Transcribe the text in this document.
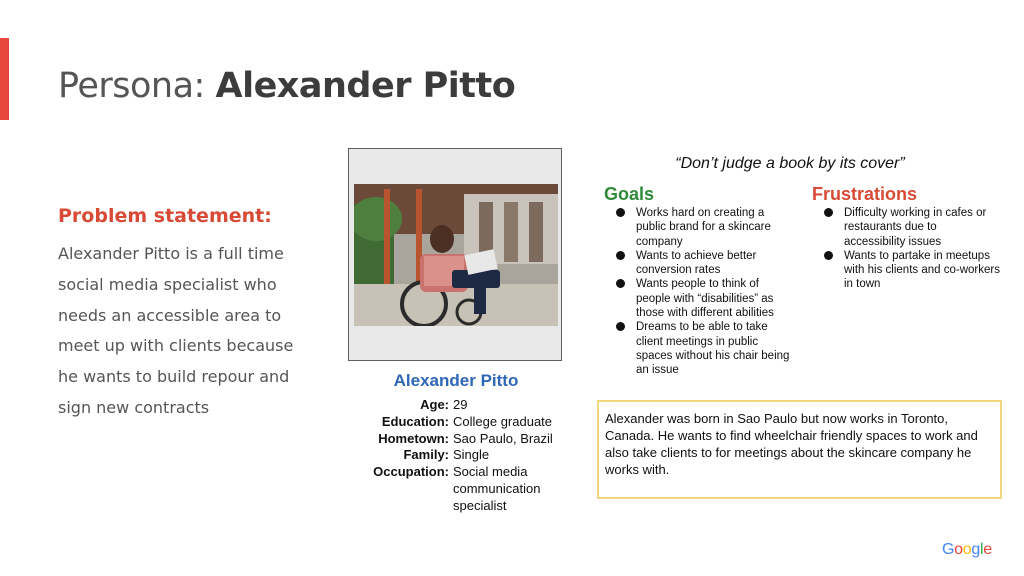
Persona: Alexander Pitto
Problem statement:
Alexander Pitto is a full time social media specialist who needs an accessible area to meet up with clients because he wants to build repour and sign new contracts
Alexander Pitto
Age: 29
Education: College graduate
Hometown: Sao Paulo, Brazil
Family: Single
Occupation: Social media communication specialist
“Don’t judge a book by its cover”
Goals
Works hard on creating a public brand for a skincare company
Wants to achieve better conversion rates
Wants people to think of people with “disabilities” as those with different abilities
Dreams to be able to take client meetings in public spaces without his chair being an issue
Frustrations
Difficulty working in cafes or restaurants due to accessibility issues
Wants to partake in meetups with his clients and co-workers in town
Alexander was born in Sao Paulo but now works in Toronto, Canada. He wants to find wheelchair friendly spaces to work and also take clients to for meetings about the skincare company he works with.
Google
